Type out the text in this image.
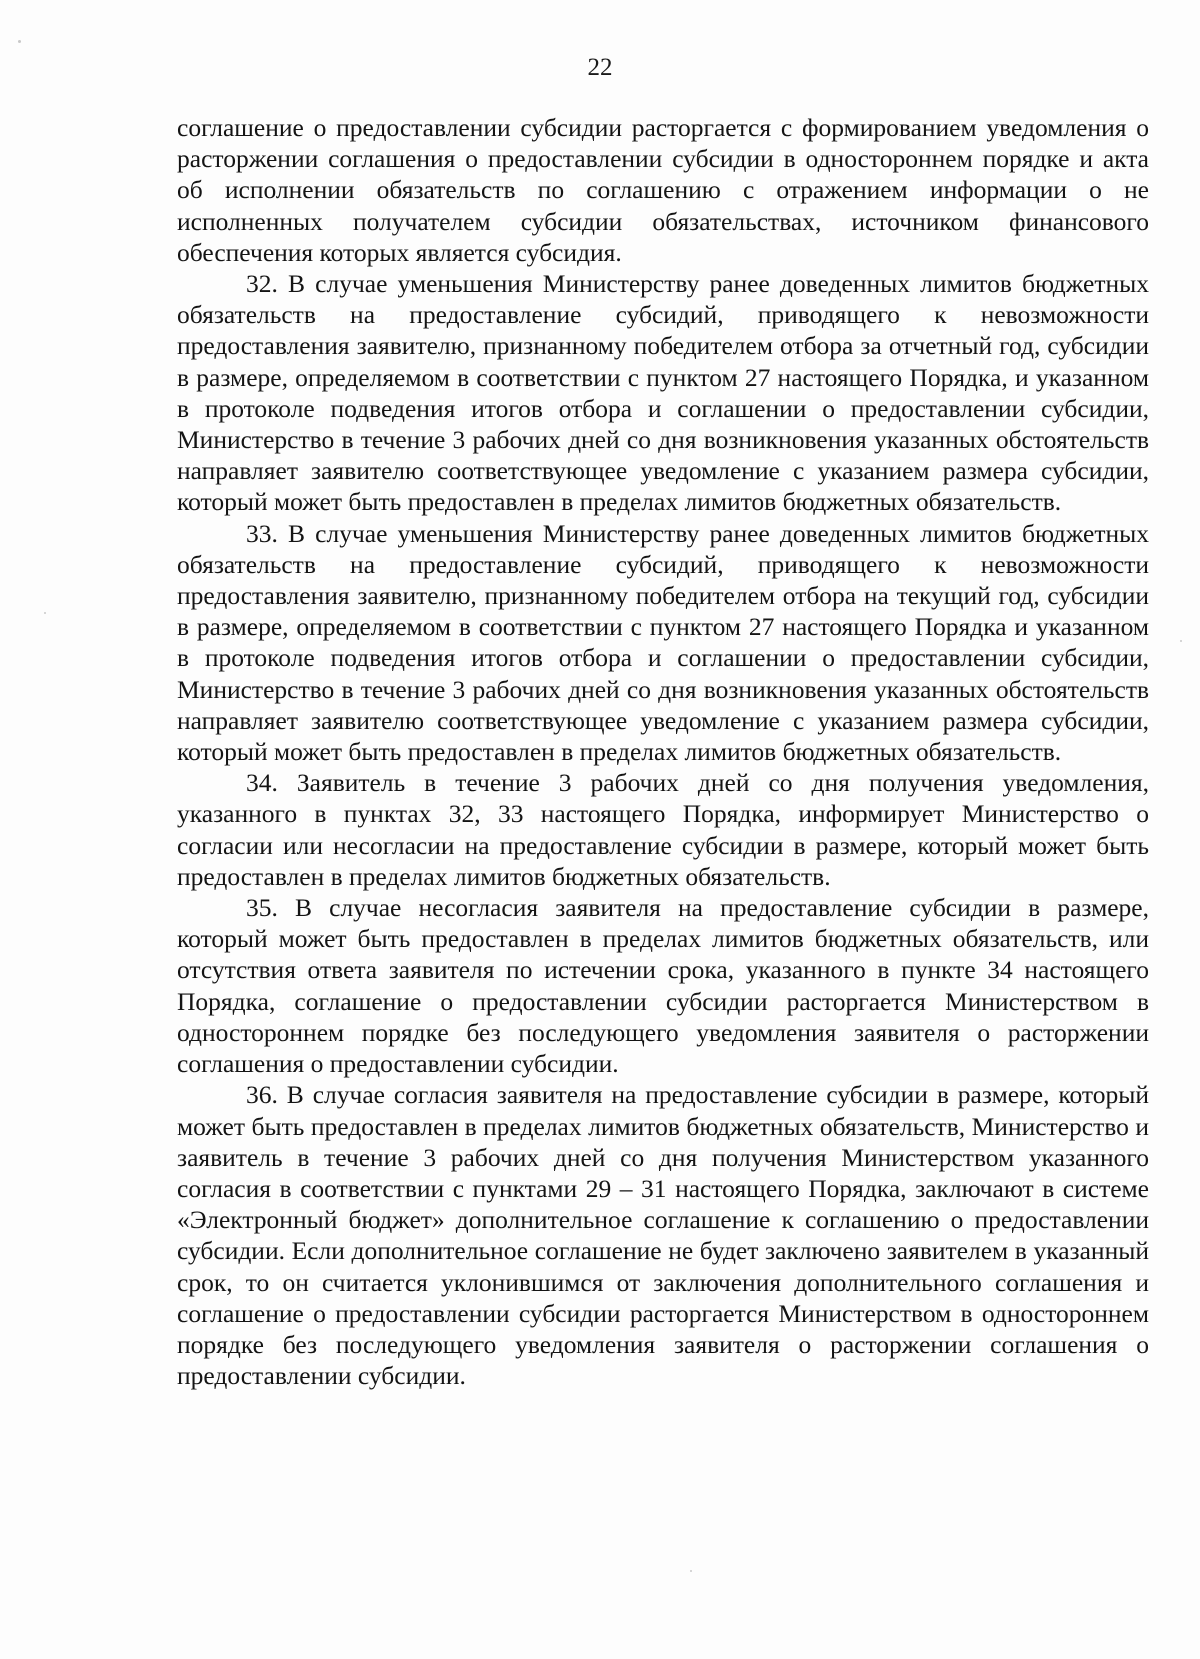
22

соглашение о предоставлении субсидии расторгается с формированием уведомления о расторжении соглашения о предоставлении субсидии в одностороннем порядке и акта об исполнении обязательств по соглашению с отражением информации о не исполненных получателем субсидии обязательствах, источником финансового обеспечения которых является субсидия.

32. В случае уменьшения Министерству ранее доведенных лимитов бюджетных обязательств на предоставление субсидий, приводящего к невозможности предоставления заявителю, признанному победителем отбора за отчетный год, субсидии в размере, определяемом в соответствии с пунктом 27 настоящего Порядка, и указанном в протоколе подведения итогов отбора и соглашении о предоставлении субсидии, Министерство в течение 3 рабочих дней со дня возникновения указанных обстоятельств направляет заявителю соответствующее уведомление с указанием размера субсидии, который может быть предоставлен в пределах лимитов бюджетных обязательств.

33. В случае уменьшения Министерству ранее доведенных лимитов бюджетных обязательств на предоставление субсидий, приводящего к невозможности предоставления заявителю, признанному победителем отбора на текущий год, субсидии в размере, определяемом в соответствии с пунктом 27 настоящего Порядка и указанном в протоколе подведения итогов отбора и соглашении о предоставлении субсидии, Министерство в течение 3 рабочих дней со дня возникновения указанных обстоятельств направляет заявителю соответствующее уведомление с указанием размера субсидии, который может быть предоставлен в пределах лимитов бюджетных обязательств.

34. Заявитель в течение 3 рабочих дней со дня получения уведомления, указанного в пунктах 32, 33 настоящего Порядка, информирует Министерство о согласии или несогласии на предоставление субсидии в размере, который может быть предоставлен в пределах лимитов бюджетных обязательств.

35. В случае несогласия заявителя на предоставление субсидии в размере, который может быть предоставлен в пределах лимитов бюджетных обязательств, или отсутствия ответа заявителя по истечении срока, указанного в пункте 34 настоящего Порядка, соглашение о предоставлении субсидии расторгается Министерством в одностороннем порядке без последующего уведомления заявителя о расторжении соглашения о предоставлении субсидии.

36. В случае согласия заявителя на предоставление субсидии в размере, который может быть предоставлен в пределах лимитов бюджетных обязательств, Министерство и заявитель в течение 3 рабочих дней со дня получения Министерством указанного согласия в соответствии с пунктами 29 – 31 настоящего Порядка, заключают в системе «Электронный бюджет» дополнительное соглашение к соглашению о предоставлении субсидии. Если дополнительное соглашение не будет заключено заявителем в указанный срок, то он считается уклонившимся от заключения дополнительного соглашения и соглашение о предоставлении субсидии расторгается Министерством в одностороннем порядке без последующего уведомления заявителя о расторжении соглашения о предоставлении субсидии.
